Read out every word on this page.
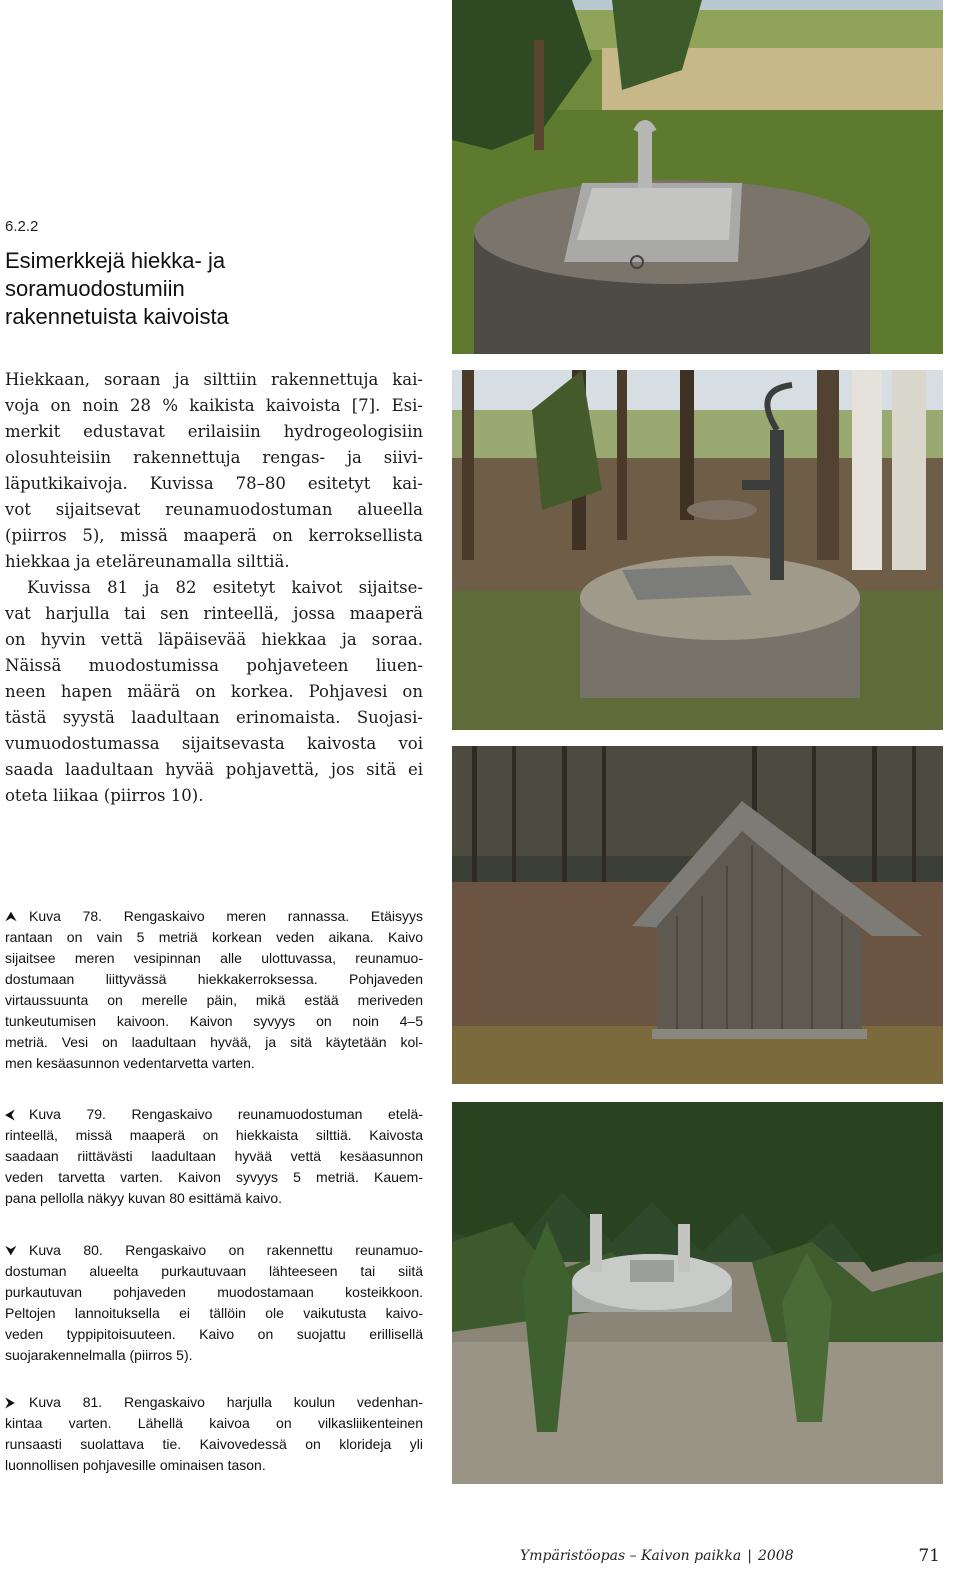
6.2.2
Esimerkkejä hiekka- ja
soramuodostumiin
rakennetuista kaivoista
Hiekkaan, soraan ja silttiin rakennettuja kai-
voja on noin 28 % kaikista kaivoista [7]. Esi-
merkit edustavat erilaisiin hydrogeologisiin
olosuhteisiin rakennettuja rengas- ja siivi-
läputkikaivoja. Kuvissa 78–80 esitetyt kai-
vot sijaitsevat reunamuodostuman alueella
(piirros 5), missä maaperä on kerroksellista
hiekkaa ja eteläreunamalla silttiä.
Kuvissa 81 ja 82 esitetyt kaivot sijaitse-
vat harjulla tai sen rinteellä, jossa maaperä
on hyvin vettä läpäisevää hiekkaa ja soraa.
Näissä muodostumissa pohjaveteen liuen-
neen hapen määrä on korkea. Pohjavesi on
tästä syystä laadultaan erinomaista. Suojasi-
vumuodostumassa sijaitsevasta kaivosta voi
saada laadultaan hyvää pohjavettä, jos sitä ei
oteta liikaa (piirros 10).
⮝ Kuva 78. Rengaskaivo meren rannassa. Etäisyys
rantaan on vain 5 metriä korkean veden aikana. Kaivo
sijaitsee meren vesipinnan alle ulottuvassa, reunamuo-
dostumaan liittyvässä hiekkakerroksessa. Pohjaveden
virtaussuunta on merelle päin, mikä estää meriveden
tunkeutumisen kaivoon. Kaivon syvyys on noin 4–5
metriä. Vesi on laadultaan hyvää, ja sitä käytetään kol-
men kesäasunnon vedentarvetta varten.
⮜ Kuva 79. Rengaskaivo reunamuodostuman etelä-
rinteellä, missä maaperä on hiekkaista silttiä. Kaivosta
saadaan riittävästi laadultaan hyvää vettä kesäasunnon
veden tarvetta varten. Kaivon syvyys 5 metriä. Kauem-
pana pellolla näkyy kuvan 80 esittämä kaivo.
⮟ Kuva 80. Rengaskaivo on rakennettu reunamuo-
dostuman alueelta purkautuvaan lähteeseen tai siitä
purkautuvan pohjaveden muodostamaan kosteikkoon.
Peltojen lannoituksella ei tällöin ole vaikutusta kaivo-
veden typpipitoisuuteen. Kaivo on suojattu erillisellä
suojarakennelmalla (piirros 5).
⮞ Kuva 81. Rengaskaivo harjulla koulun vedenhan-
kintaa varten. Lähellä kaivoa on vilkasliikenteinen
runsaasti suolattava tie. Kaivovedessä on klorideja yli
luonnollisen pohjavesille ominaisen tason.
Ympäristöopas – Kaivon paikka | 2008	71
